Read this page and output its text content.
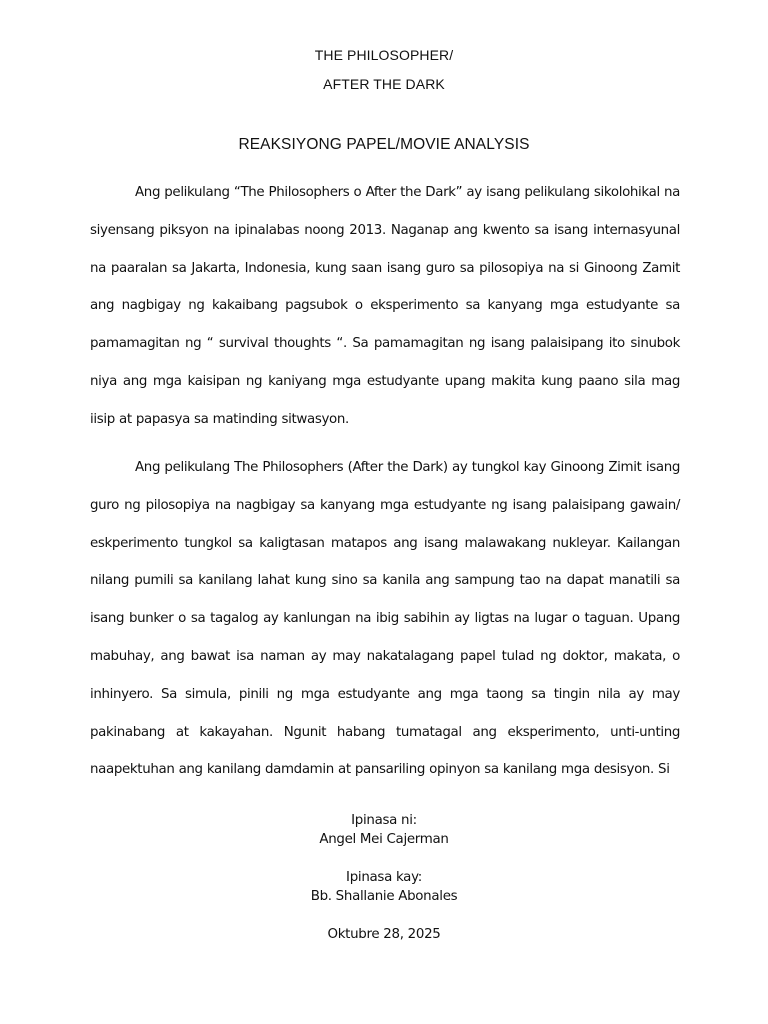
THE PHILOSOPHER/
AFTER THE DARK
REAKSIYONG PAPEL/MOVIE ANALYSIS

Ang pelikulang “The Philosophers o After the Dark” ay isang pelikulang sikolohikal na siyensang piksyon na ipinalabas noong 2013. Naganap ang kwento sa isang internasyunal na paaralan sa Jakarta, Indonesia, kung saan isang guro sa pilosopiya na si Ginoong Zamit ang nagbigay ng kakaibang pagsubok o eksperimento sa kanyang mga estudyante sa pamamagitan ng “ survival thoughts “. Sa pamamagitan ng isang palaisipang ito sinubok niya ang mga kaisipan ng kaniyang mga estudyante upang makita kung paano sila mag iisip at papasya sa matinding sitwasyon.

Ang pelikulang The Philosophers (After the Dark) ay tungkol kay Ginoong Zimit isang guro ng pilosopiya na nagbigay sa kanyang mga estudyante ng isang palaisipang gawain/ eskperimento tungkol sa kaligtasan matapos ang isang malawakang nukleyar. Kailangan nilang pumili sa kanilang lahat kung sino sa kanila ang sampung tao na dapat manatili sa isang bunker o sa tagalog ay kanlungan na ibig sabihin ay ligtas na lugar o taguan. Upang mabuhay, ang bawat isa naman ay may nakatalagang papel tulad ng doktor, makata, o inhinyero. Sa simula, pinili ng mga estudyante ang mga taong sa tingin nila ay may pakinabang at kakayahan. Ngunit habang tumatagal ang eksperimento, unti-unting naapektuhan ang kanilang damdamin at pansariling opinyon sa kanilang mga desisyon. Si

Ipinasa ni:
Angel Mei Cajerman
Ipinasa kay:
Bb. Shallanie Abonales
Oktubre 28, 2025
